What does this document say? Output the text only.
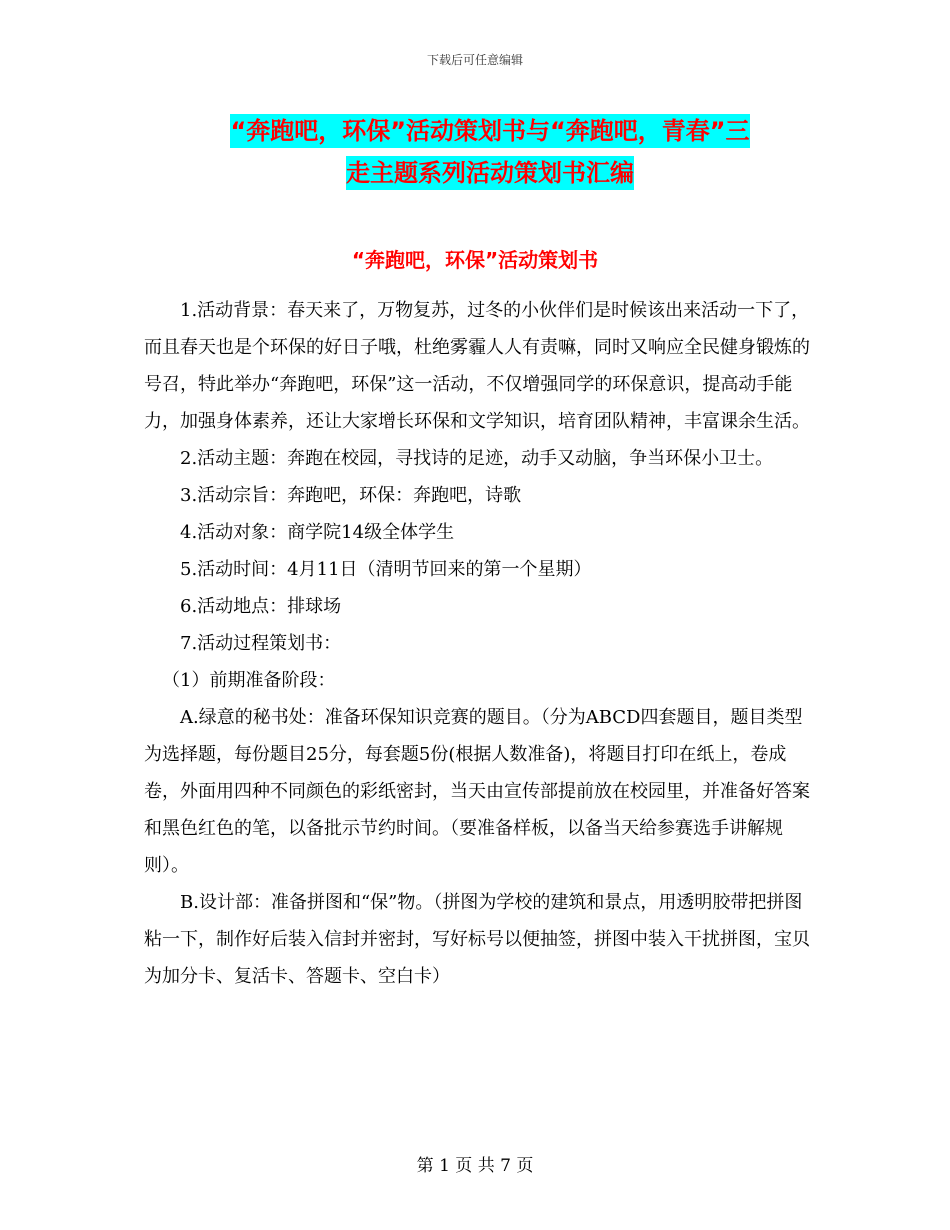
下载后可任意编辑
“奔跑吧，环保”活动策划书与“奔跑吧，青春”三
走主题系列活动策划书汇编
“奔跑吧，环保”活动策划书

1.活动背景：春天来了，万物复苏，过冬的小伙伴们是时候该出来活动一下了，而且春天也是个环保的好日子哦，杜绝雾霾人人有责嘛，同时又响应全民健身锻炼的号召，特此举办“奔跑吧，环保”这一活动，不仅增强同学的环保意识，提高动手能力，加强身体素养，还让大家增长环保和文学知识，培育团队精神，丰富课余生活。

2.活动主题：奔跑在校园，寻找诗的足迹，动手又动脑，争当环保小卫士。

3.活动宗旨：奔跑吧，环保：奔跑吧，诗歌

4.活动对象：商学院14级全体学生

5.活动时间：4月11日（清明节回来的第一个星期）

6.活动地点：排球场

7.活动过程策划书：

（1）前期准备阶段：

A.绿意的秘书处：准备环保知识竞赛的题目。（分为ABCD四套题目，题目类型为选择题，每份题目25分，每套题5份(根据人数准备)，将题目打印在纸上，卷成卷，外面用四种不同颜色的彩纸密封，当天由宣传部提前放在校园里，并准备好答案和黑色红色的笔，以备批示节约时间。（要准备样板，以备当天给参赛选手讲解规则）。

B.设计部：准备拼图和“保”物。（拼图为学校的建筑和景点，用透明胶带把拼图粘一下，制作好后装入信封并密封，写好标号以便抽签，拼图中装入干扰拼图，宝贝为加分卡、复活卡、答题卡、空白卡）

第 1 页 共 7 页
